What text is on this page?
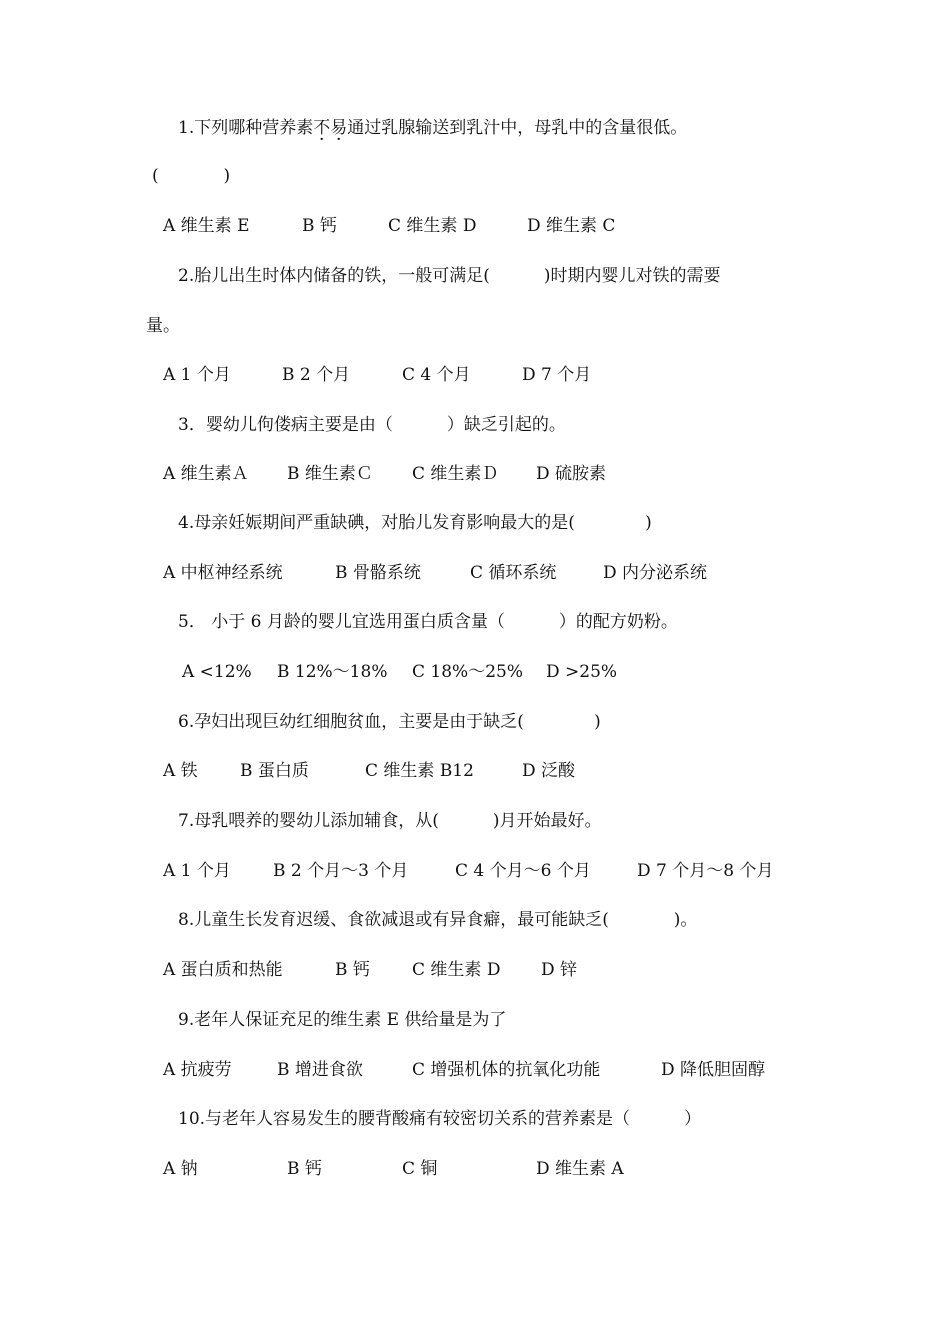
1.下列哪种营养素不易通过乳腺输送到乳汁中，母乳中的含量很低。
(            )
A 维生素 E	B 钙	C 维生素 D	D 维生素 C
2.胎儿出生时体内储备的铁，一般可满足(          )时期内婴儿对铁的需要
量。
A 1 个月	B 2 个月	C 4 个月	D 7 个月
3．婴幼儿佝偻病主要是由（          ）缺乏引起的。
A 维生素Ａ B 维生素Ｃ C 维生素Ｄ D 硫胺素
4.母亲妊娠期间严重缺碘，对胎儿发育影响最大的是(             )
A 中枢神经系统	B 骨骼系统	C 循环系统	D 内分泌系统
5． 小于 6 月龄的婴儿宜选用蛋白质含量（          ）的配方奶粉。
A <12% B 12%～18% C 18%～25% D >25%
6.孕妇出现巨幼红细胞贫血，主要是由于缺乏(             )
A 铁 B 蛋白质	C 维生素 B12	D 泛酸
7.母乳喂养的婴幼儿添加辅食，从(          )月开始最好。
A 1 个月 B 2 个月～3 个月	C 4 个月～6 个月	D 7 个月～8 个月
8.儿童生长发育迟缓、食欲减退或有异食癖，最可能缺乏(            )。
A 蛋白质和热能	B 钙 C 维生素 D D 锌
9.老年人保证充足的维生素 E 供给量是为了
A 抗疲劳	B 增进食欲	C 增强机体的抗氧化功能	D 降低胆固醇
10.与老年人容易发生的腰背酸痛有较密切关系的营养素是（          ）
A 钠	B 钙	C 铜	D 维生素 A
